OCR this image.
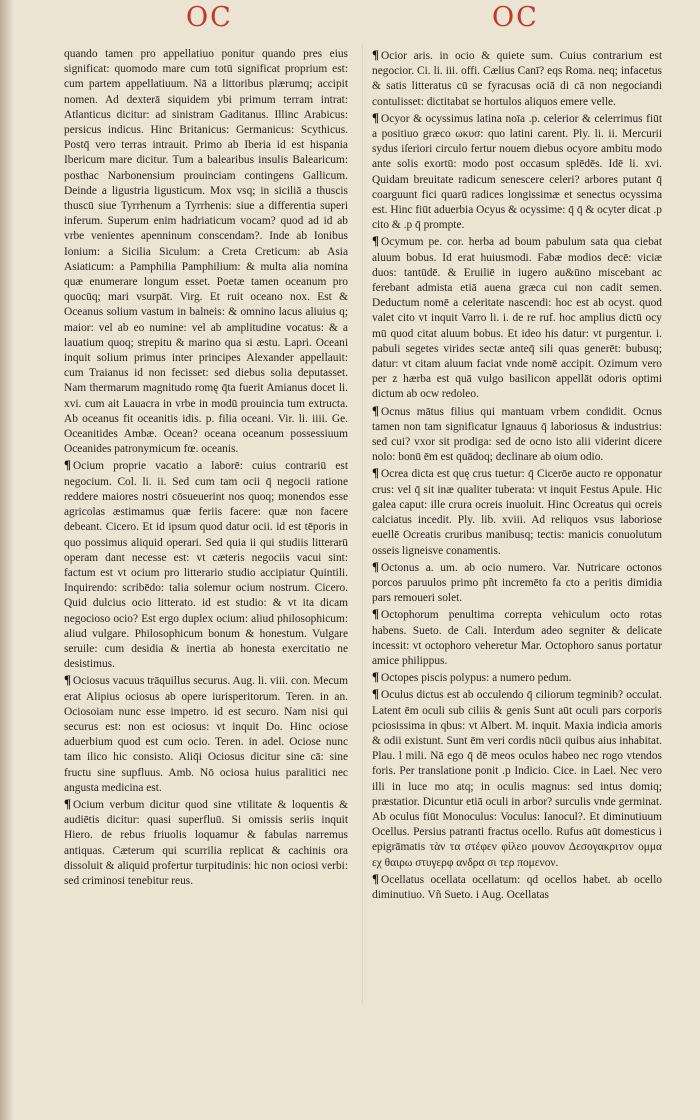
OC	OC

quando tamen pro appellatiuo ponitur quando pres eius significat: quomodo mare cum totū significat proprium est: cum partem appellatiuum. Nā a littoribus plærumq; accipit nomen. Ad dexterā siquidem ybi primum terram intrat: Atlanticus dicitur: ad sinistram Gaditanus. Illinc Arabicus: persicus indicus. Hinc Britanicus: Germanicus: Scythicus. Postq̄ vero terras intrauit. Primo ab Iberia id est hispania Ibericum mare dicitur. Tum a balearibus insulis Balearicum: posthac Narbonensium prouinciam contingens Gallicum. Deinde a ligustria ligusticum. Mox vsq; in siciliā a thuscis thuscū siue Tyrrhenum a Tyrrhenis: siue a differentia superi inferum. Superum enim hadriaticum vocam? quod ad id ab vrbe venientes apenninum conscendam?. Inde ab Ionibus Ionium: a Sicilia Siculum: a Creta Creticum: ab Asia Asiaticum: a Pamphilia Pamphilium: & multa alia nomina quæ enumerare longum esset. Poetæ tamen oceanum pro quocūq; mari vsurpāt. Virg. Et ruit oceano nox. Est & Oceanus solium vastum in balneis: & omnino lacus aliuius q; maior: vel ab eo numine: vel ab amplitudine vocatus: & a lauatium quoq; strepitu & marino qua si æstu. Lapri. Oceani inquit solium primus inter principes Alexander appellauit: cum Traianus id non fecisset: sed diebus solia deputasset. Nam thermarum magnitudo romę q̄ta fuerit Amianus docet li. xvi. cum ait Lauacra in vrbe in modū prouincia tum extructa. Ab oceanus fit oceanitis idis. p. filia oceani. Vir. li. iiii. Ge. Oceanitides Ambæ. Ocean? oceana oceanum possessiuum Oceanides patronymicum fœ. oceanis.

¶ Ocium proprie vacatio a laborē: cuius contrariū est negocium. Col. li. ii. Sed cum tam ocii q̄ negocii ratione reddere maiores nostri cōsueuerint nos quoq; monendos esse agricolas æstimamus quæ feriis facere: quæ non facere debeant. Cicero. Et id ipsum quod datur ocii. id est tēporis in quo possimus aliquid operari. Sed quia ii qui studiis litterarū operam dant necesse est: vt cæteris negociis vacui sint: factum est vt ocium pro litterario studio accipiatur Quintili. Inquirendo: scribēdo: talia solemur ocium nostrum. Cicero. Quid dulcius ocio litterato. id est studio: & vt ita dicam negocioso ocio? Est ergo duplex ocium: aliud philosophicum: aliud vulgare. Philosophicum bonum & honestum. Vulgare seruile: cum desidia & inertia ab honesta exercitatio ne desistimus.

¶ Ociosus vacuus trāquillus securus. Aug. li. viii. con. Mecum erat Alipius ociosus ab opere iurisperitorum. Teren. in an. Ociosoiam nunc esse impetro. id est securo. Nam nisi qui securus est: non est ociosus: vt inquit Do. Hinc ociose aduerbium quod est cum ocio. Teren. in adel. Ociose nunc tam ilico hic consisto. Aliq̄i Ociosus dicitur sine cā: sine fructu sine supfluus. Amb. Nō ociosa huius paralitici nec angusta medicina est.

¶ Ocium verbum dicitur quod sine vtilitate & loquentis & audiētis dicitur: quasi superfluū. Si omissis seriis inquit Hiero. de rebus friuolis loquamur & fabulas narremus antiquas. Cæterum qui scurrilia replicat & cachinis ora dissoluit & aliquid profertur turpitudinis: hic non ociosi verbi: sed criminosi tenebitur reus.

¶ Ocior aris. in ocio & quiete sum. Cuius contrarium est negocior. Ci. li. iii. offi. Cælius Canī? eqs Roma. neq; infacetus & satis litteratus cū se fyracusas ociā di cā non negociandi contulisset: dictitabat se hortulos aliquos emere velle.

¶ Ocyor & ocyssimus latina noīa .p. celerior & celerrimus fiūt a positiuo græco ωκυσ: quo latini carent. Ply. li. ii. Mercurii sydus iſeriori circulo fertur nouem diebus ocyore ambitu modo ante solis exortū: modo post occasum splēdēs. Idē li. xvi. Quidam breuitate radicum senescere celeri? arbores putant q̄ coarguunt fici quarū radices longissimæ et senectus ocyssima est. Hinc fiūt aduerbia Ocyus & ocyssime: q̄ q̄ & ocyter dicat .p cito & .p q̄ prompte.

¶ Ocymum pe. cor. herba ad boum pabulum sata qua ciebat aluum bobus. Id erat huiusmodi. Fabæ modios decē: viciæ duos: tantūdē. & Eruiliē in iugero au&ūno miscebant ac ferebant admista etiā auena græca cui non cadit semen. Deductum nomē a celeritate nascendi: hoc est ab ocyst. quod valet cito vt inquit Varro li. i. de re ruf. hoc amplius dictū ocy mū quod citat aluum bobus. Et ideo his datur: vt purgentur. i. pabuli segetes virides sectæ anteq̄ sili quas generēt: bubusq; datur: vt citam aluum faciat vnde nomē accipit. Ozimum vero per z hærba est quā vulgo basilicon appellāt odoris optimi dictum ab ocw redoleo.

¶ Ocnus mātus filius qui mantuam vrbem condidit. Ocnus tamen non tam significatur Ignauus q̄ laboriosus & industrius: sed cui? vxor sit prodiga: sed de ocno isto alii viderint dicere nolo: bonū ēm est quādoq; declinare ab oium odio.

¶ Ocrea dicta est quę crus tuetur: q̄ Cicerōe aucto re opponatur crus: vel q̄ sit inæ qualiter tuberata: vt inquit Festus Apule. Hic galea caput: ille crura ocreis inuoluit. Hinc Ocreatus qui ocreis calciatus incedit. Ply. lib. xviii. Ad reliquos vsus laboriose euellē Ocreatis cruribus manibusq; tectis: manicis conuolutum osseis ligneisve conamentis.

¶ Octonus a. um. ab ocio numero. Var. Nutricare octonos porcos paruulos primo pñt incremēto fa cto a peritis dimidia pars remoueri solet.

¶ Octophorum penultima correpta vehiculum octo rotas habens. Sueto. de Cali. Interdum adeo segniter & delicate incessit: vt octophoro veheretur Mar. Octophoro sanus portatur amice philippus.

¶ Octopes piscis polypus: a numero pedum.

¶ Oculus dictus est ab occulendo q̄ ciliorum tegminib? occulat. Latent ēm oculi sub ciliis & genis Sunt aūt oculi pars corporis pciosissima in qbus: vt Albert. M. inquit. Maxia indicia amoris & odii existunt. Sunt ēm veri cordis nūcii quibus aius inhabitat. Plau. l mili. Nā ego q̄ dē meos oculos habeo nec rogo vtendos foris. Per translatione ponit .p Indicio. Cice. in Lael. Nec vero illi in luce mo atq; in oculis magnus: sed intus domiq; præstatior. Dicuntur etiā oculi in arbor? surculis vnde germinat. Ab oculus fiūt Monoculus: Voculus: Ianocul?. Et diminutiuum Ocellus. Persius patranti fractus ocello. Rufus aūt domesticus i epigrāmatis τὰν τα στέφεν φίλεο μουνον Δεσογακριτον ομμα εχ θαιρω στυγερφ ανδρα σι τερ πομενον.

¶ Ocellatus ocellata ocellatum: qd ocellos habet. ab ocello diminutiuo. Vñ Sueto. i Aug. Ocellatas
